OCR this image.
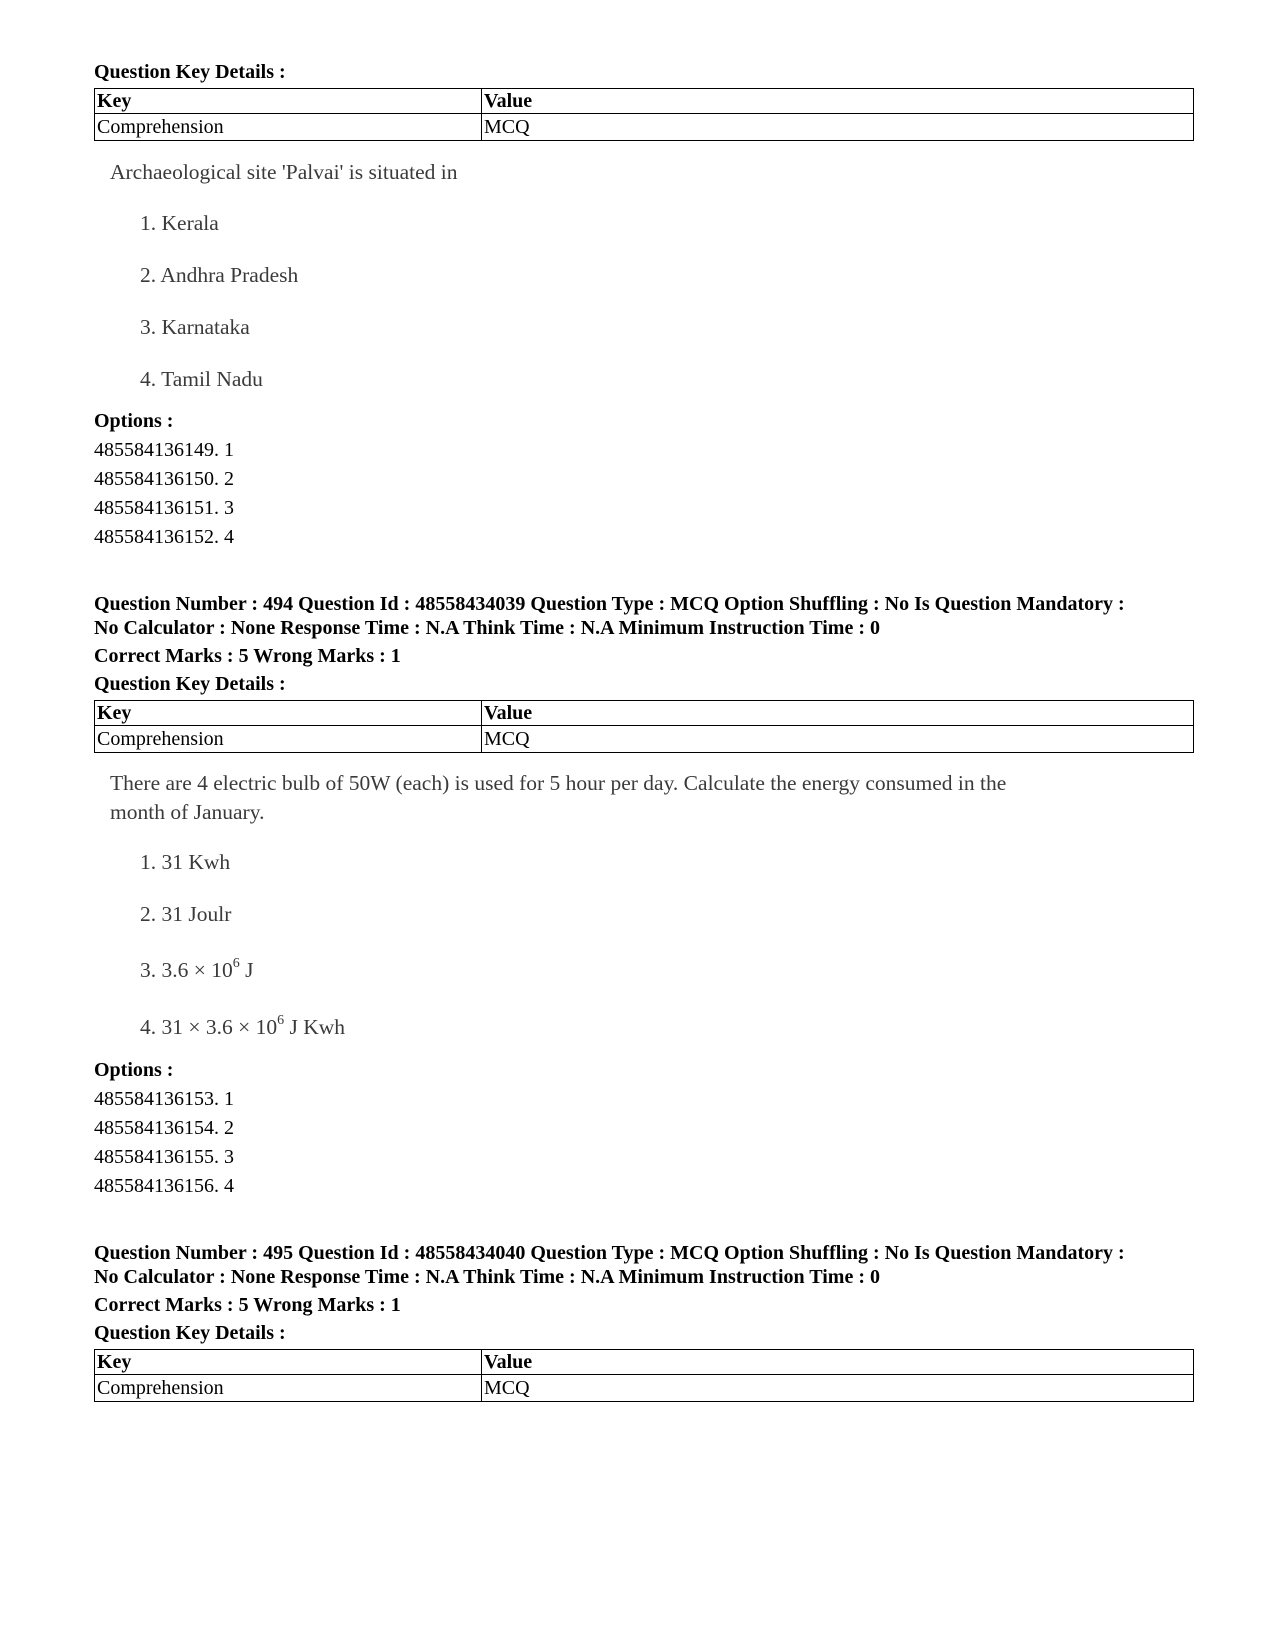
Question Key Details :
Key	Value
Comprehension	MCQ
Archaeological site 'Palvai' is situated in
1. Kerala
2. Andhra Pradesh
3. Karnataka
4. Tamil Nadu
Options :
485584136149. 1
485584136150. 2
485584136151. 3
485584136152. 4
Question Number : 494 Question Id : 48558434039 Question Type : MCQ Option Shuffling : No Is Question Mandatory :
No Calculator : None Response Time : N.A Think Time : N.A Minimum Instruction Time : 0
Correct Marks : 5 Wrong Marks : 1
Question Key Details :
Key	Value
Comprehension	MCQ
There are 4 electric bulb of 50W (each) is used for 5 hour per day. Calculate the energy consumed in the
month of January.
1. 31 Kwh
2. 31 Joulr
3. $3.6 \times 10^6$ J
4. $31 \times 3.6 \times 10^6$ J Kwh
Options :
485584136153. 1
485584136154. 2
485584136155. 3
485584136156. 4
Question Number : 495 Question Id : 48558434040 Question Type : MCQ Option Shuffling : No Is Question Mandatory :
No Calculator : None Response Time : N.A Think Time : N.A Minimum Instruction Time : 0
Correct Marks : 5 Wrong Marks : 1
Question Key Details :
Key	Value
Comprehension	MCQ
